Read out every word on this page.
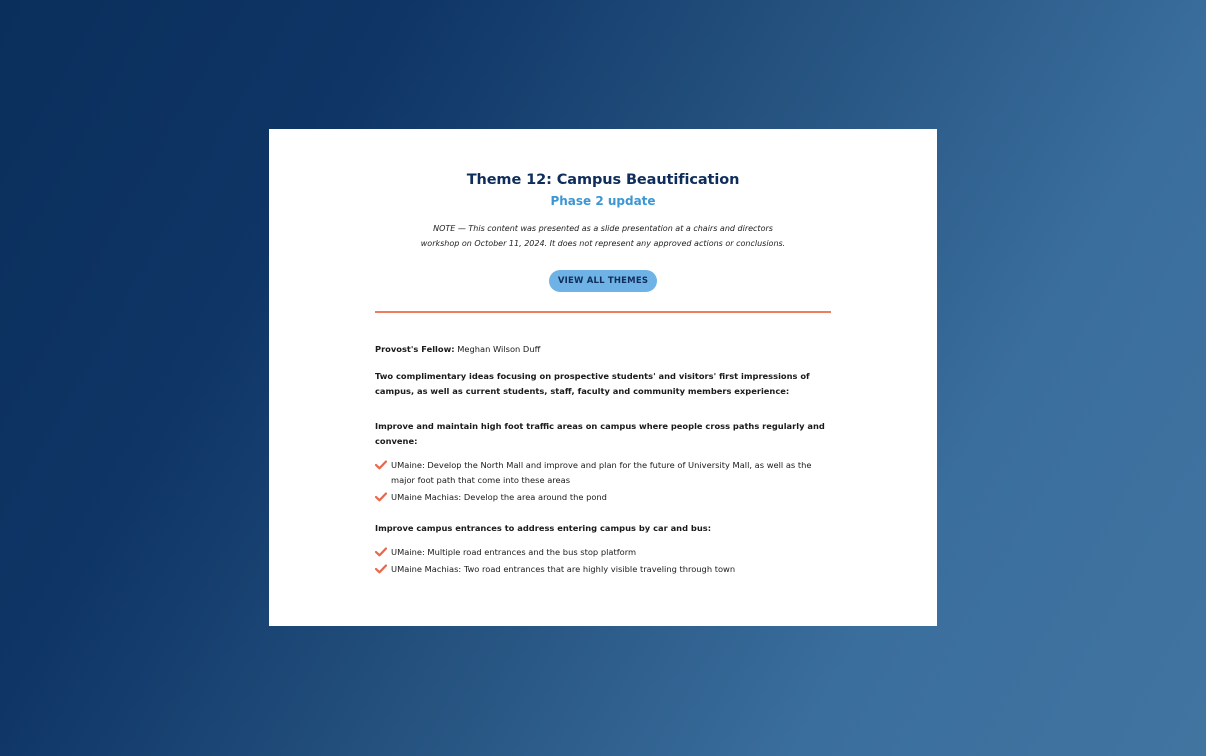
Theme 12: Campus Beautification
Phase 2 update
NOTE — This content was presented as a slide presentation at a chairs and directors
workshop on October 11, 2024. It does not represent any approved actions or conclusions.
VIEW ALL THEMES
Provost's Fellow: Meghan Wilson Duff
Two complimentary ideas focusing on prospective students' and visitors' first impressions of campus, as well as current students, staff, faculty and community members experience:
Improve and maintain high foot traffic areas on campus where people cross paths regularly and convene:
UMaine: Develop the North Mall and improve and plan for the future of University Mall, as well as the major foot path that come into these areas
UMaine Machias: Develop the area around the pond
Improve campus entrances to address entering campus by car and bus:
UMaine: Multiple road entrances and the bus stop platform
UMaine Machias: Two road entrances that are highly visible traveling through town
